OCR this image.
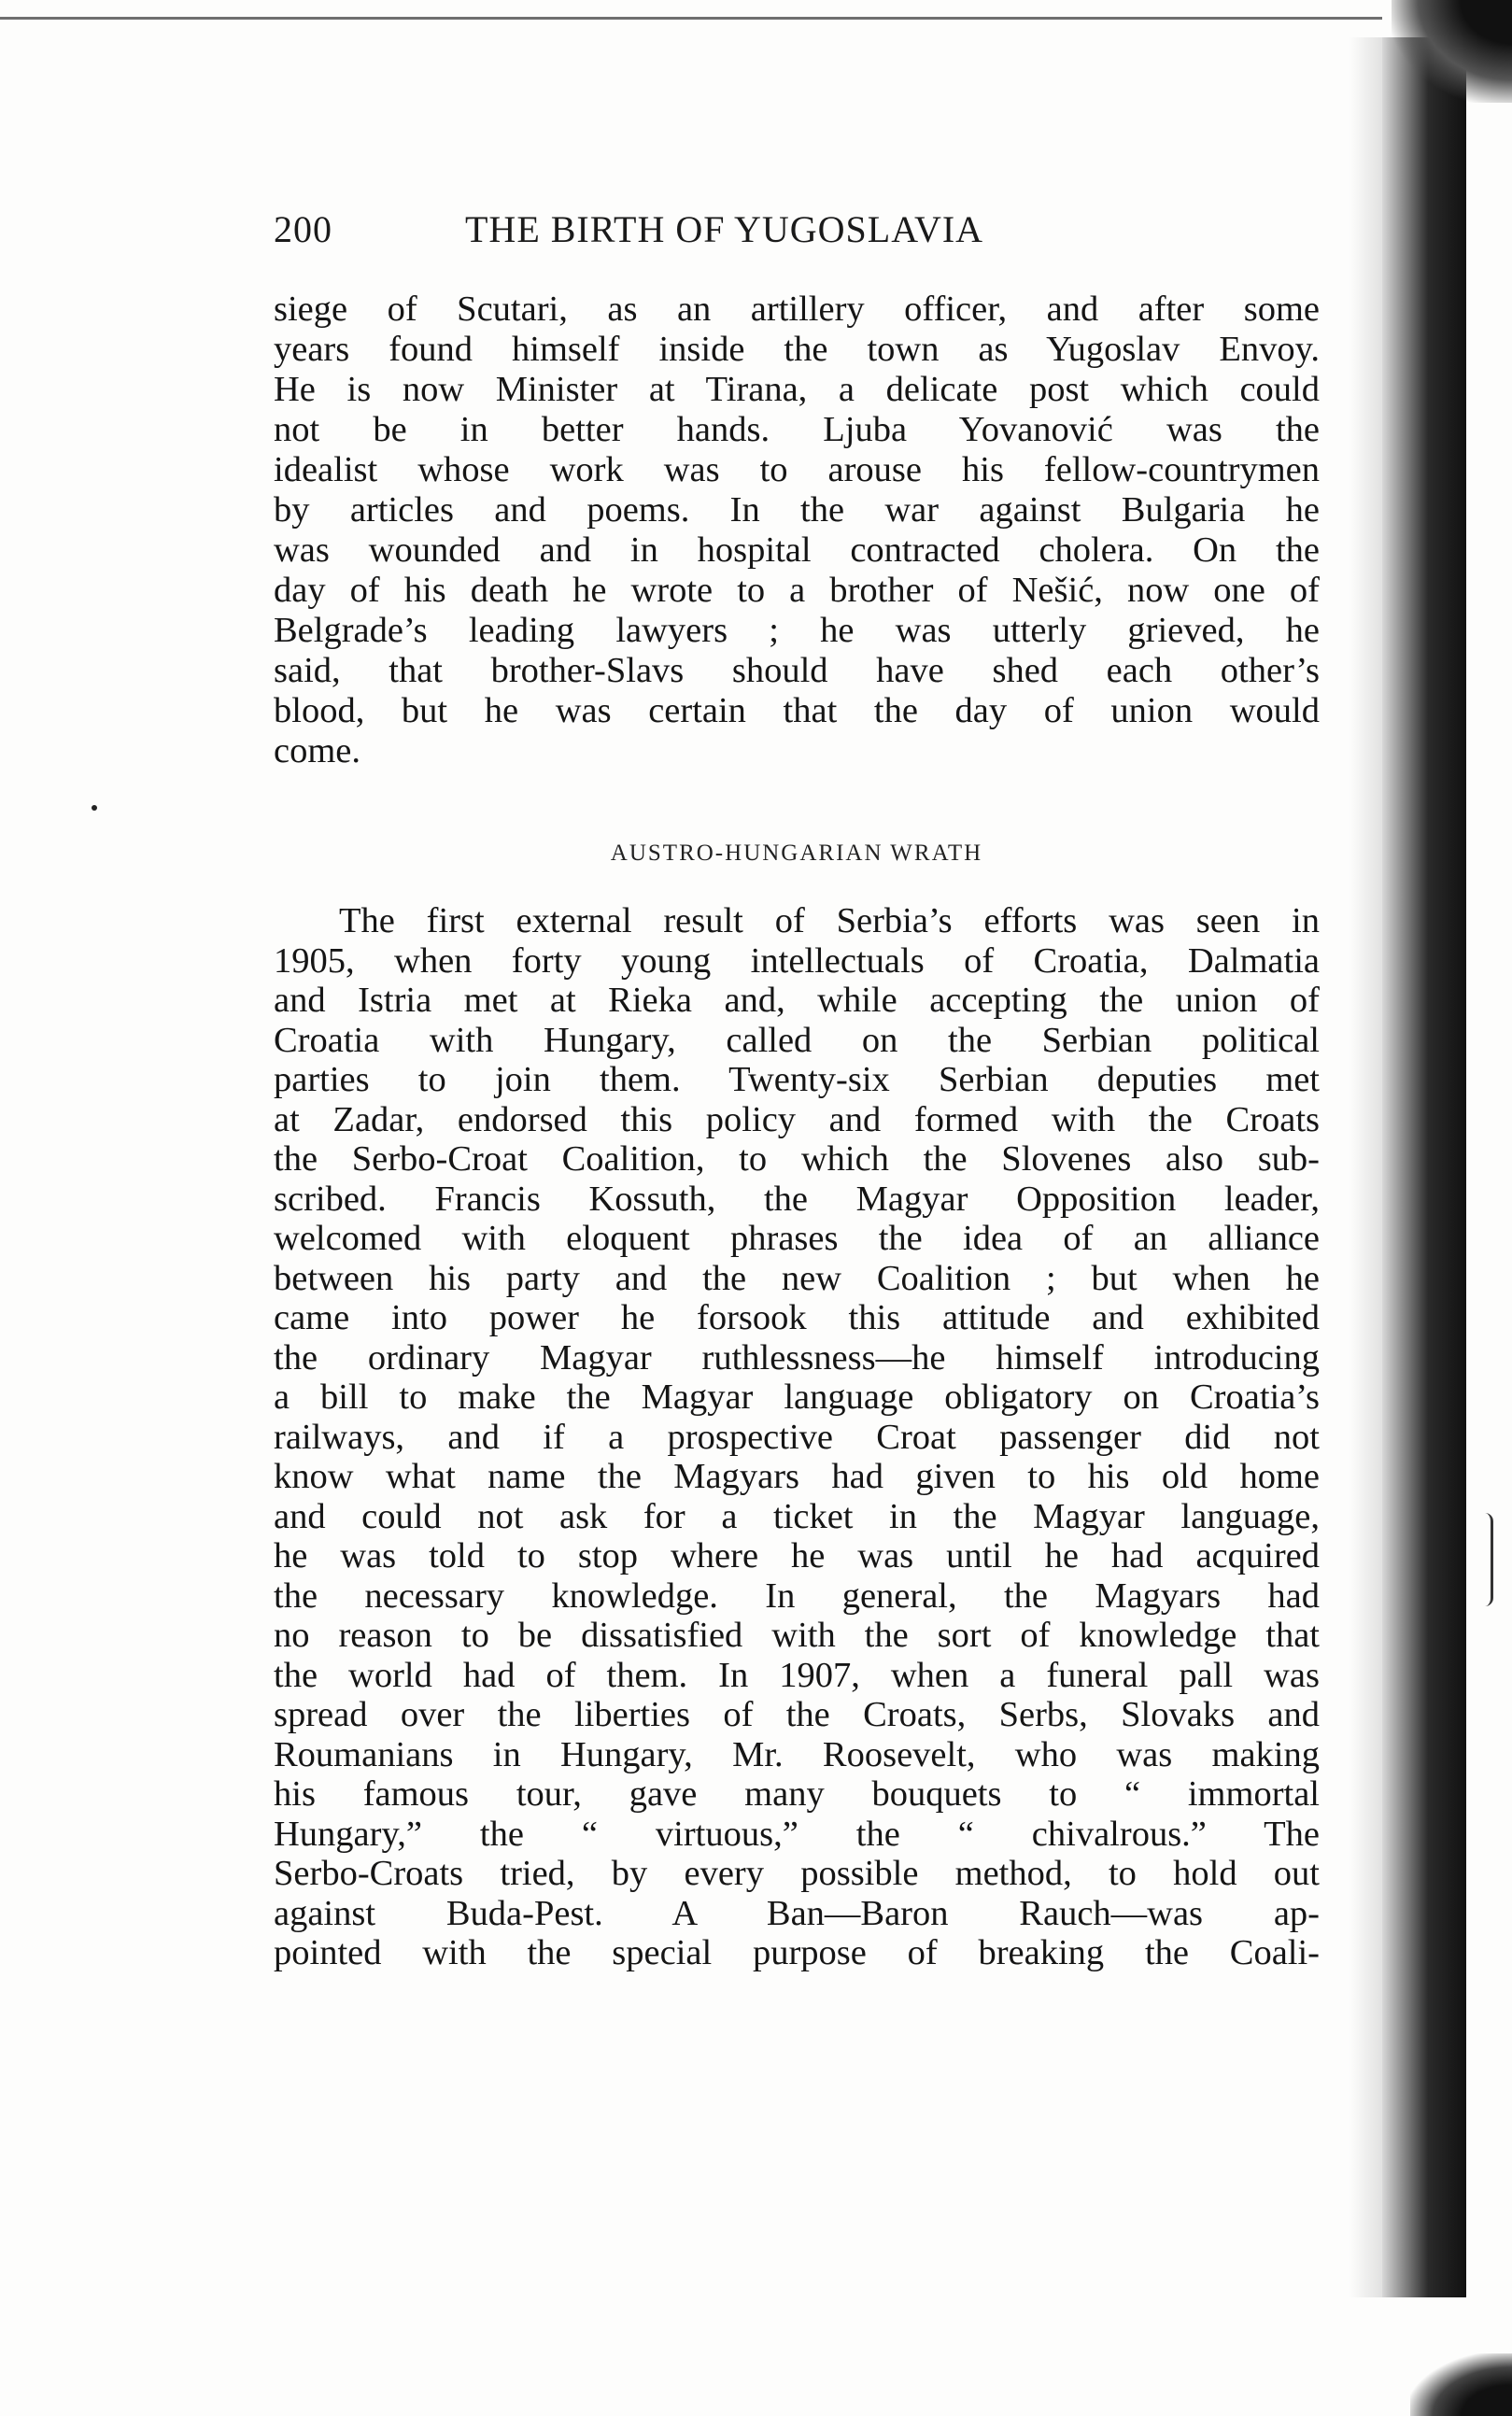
200	THE BIRTH OF YUGOSLAVIA
siege of Scutari, as an artillery officer, and after some
years found himself inside the town as Yugoslav Envoy.
He is now Minister at Tirana, a delicate post which could
not be in better hands. Ljuba Yovanović was the
idealist whose work was to arouse his fellow-countrymen
by articles and poems. In the war against Bulgaria he
was wounded and in hospital contracted cholera. On the
day of his death he wrote to a brother of Nešić, now one of
Belgrade’s leading lawyers ; he was utterly grieved, he
said, that brother-Slavs should have shed each other’s
blood, but he was certain that the day of union would
come.
AUSTRO-HUNGARIAN WRATH
The first external result of Serbia’s efforts was seen in
1905, when forty young intellectuals of Croatia, Dalmatia
and Istria met at Rieka and, while accepting the union of
Croatia with Hungary, called on the Serbian political
parties to join them. Twenty-six Serbian deputies met
at Zadar, endorsed this policy and formed with the Croats
the Serbo-Croat Coalition, to which the Slovenes also sub-
scribed. Francis Kossuth, the Magyar Opposition leader,
welcomed with eloquent phrases the idea of an alliance
between his party and the new Coalition ; but when he
came into power he forsook this attitude and exhibited
the ordinary Magyar ruthlessness—he himself introducing
a bill to make the Magyar language obligatory on Croatia’s
railways, and if a prospective Croat passenger did not
know what name the Magyars had given to his old home
and could not ask for a ticket in the Magyar language,
he was told to stop where he was until he had acquired
the necessary knowledge. In general, the Magyars had
no reason to be dissatisfied with the sort of knowledge that
the world had of them. In 1907, when a funeral pall was
spread over the liberties of the Croats, Serbs, Slovaks and
Roumanians in Hungary, Mr. Roosevelt, who was making
his famous tour, gave many bouquets to “ immortal
Hungary,” the “ virtuous,” the “ chivalrous.” The
Serbo-Croats tried, by every possible method, to hold out
against Buda-Pest. A Ban—Baron Rauch—was ap-
pointed with the special purpose of breaking the Coali-
